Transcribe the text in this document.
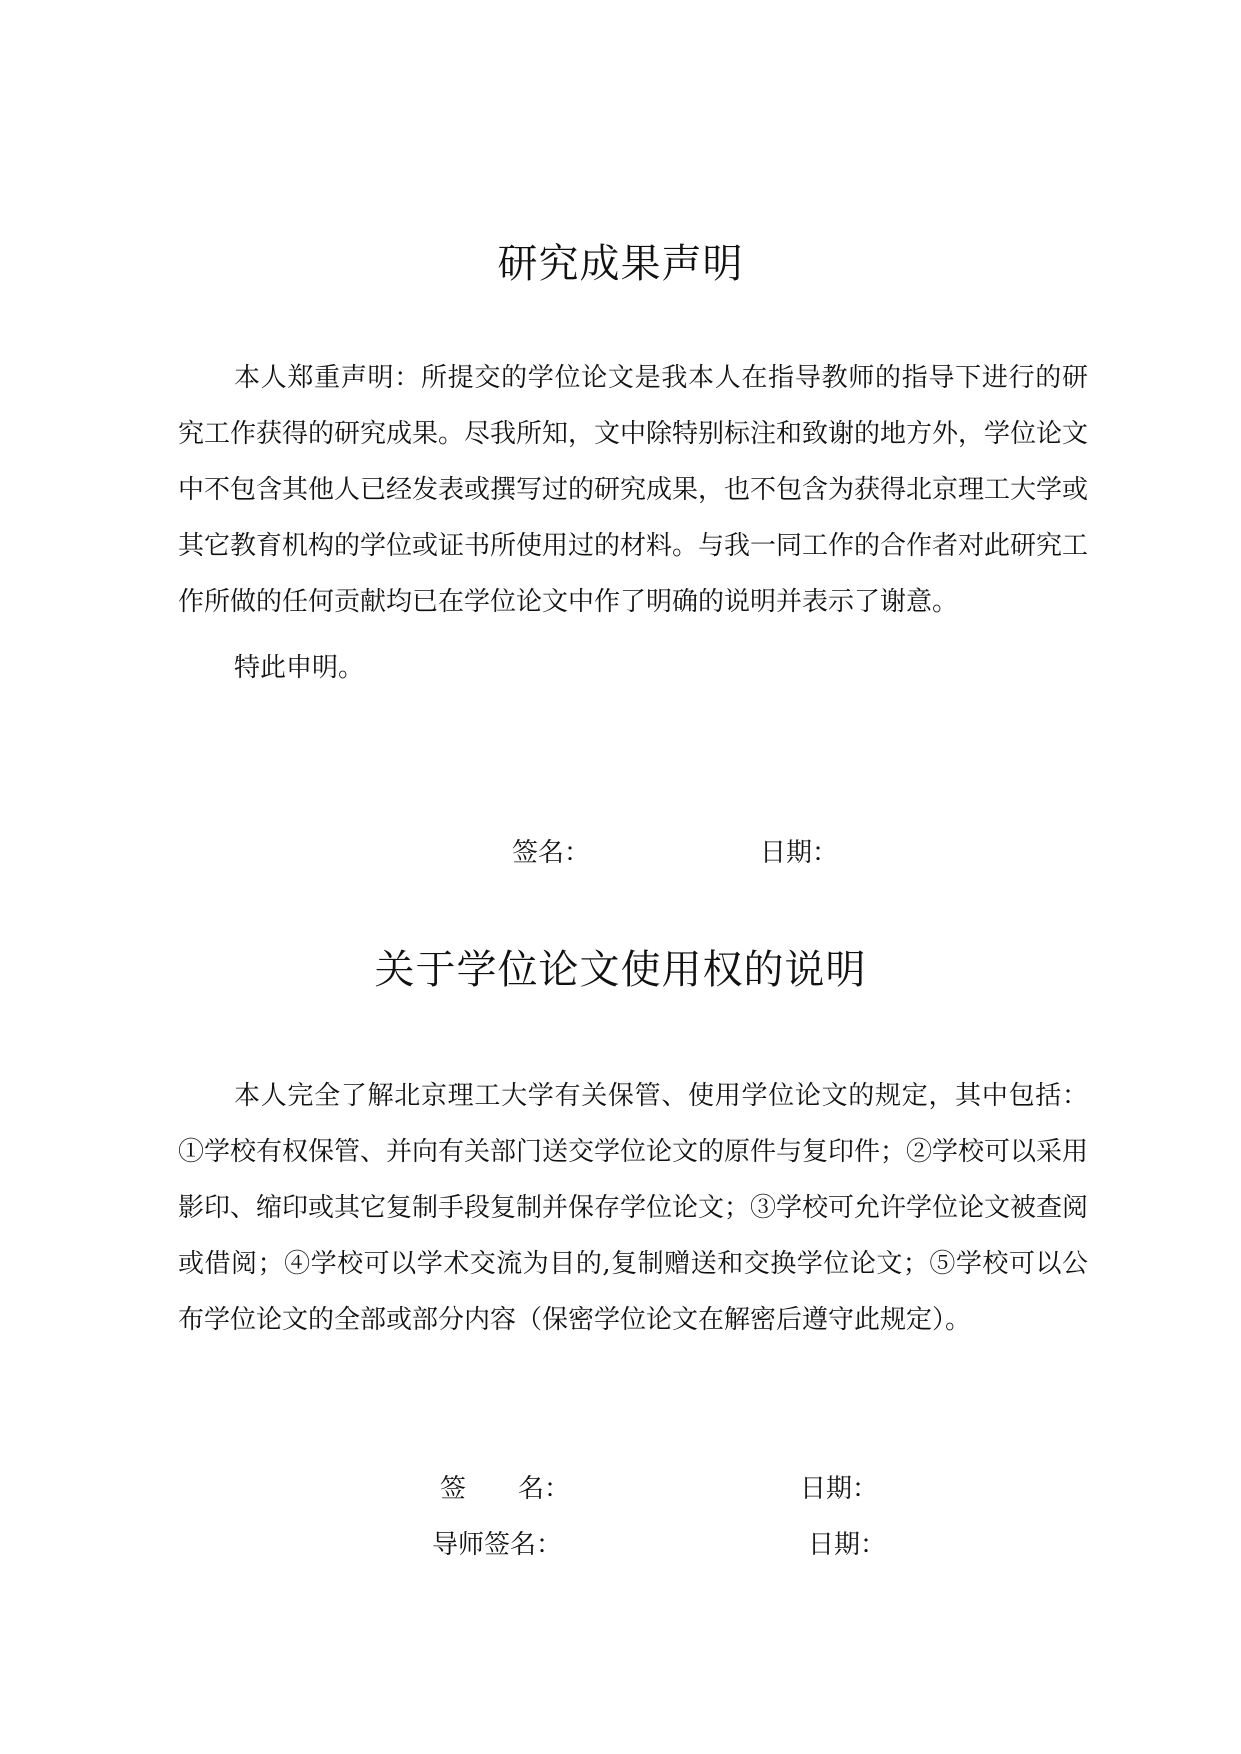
研究成果声明

本人郑重声明：所提交的学位论文是我本人在指导教师的指导下进行的研究工作获得的研究成果。尽我所知，文中除特别标注和致谢的地方外，学位论文中不包含其他人已经发表或撰写过的研究成果，也不包含为获得北京理工大学或其它教育机构的学位或证书所使用过的材料。与我一同工作的合作者对此研究工作所做的任何贡献均已在学位论文中作了明确的说明并表示了谢意。

特此申明。

签名：	日期：
关于学位论文使用权的说明

本人完全了解北京理工大学有关保管、使用学位论文的规定，其中包括：①学校有权保管、并向有关部门送交学位论文的原件与复印件；②学校可以采用影印、缩印或其它复制手段复制并保存学位论文；③学校可允许学位论文被查阅或借阅；④学校可以学术交流为目的,复制赠送和交换学位论文；⑤学校可以公布学位论文的全部或部分内容（保密学位论文在解密后遵守此规定）。

签　　名：	日期：
导师签名：	日期：
